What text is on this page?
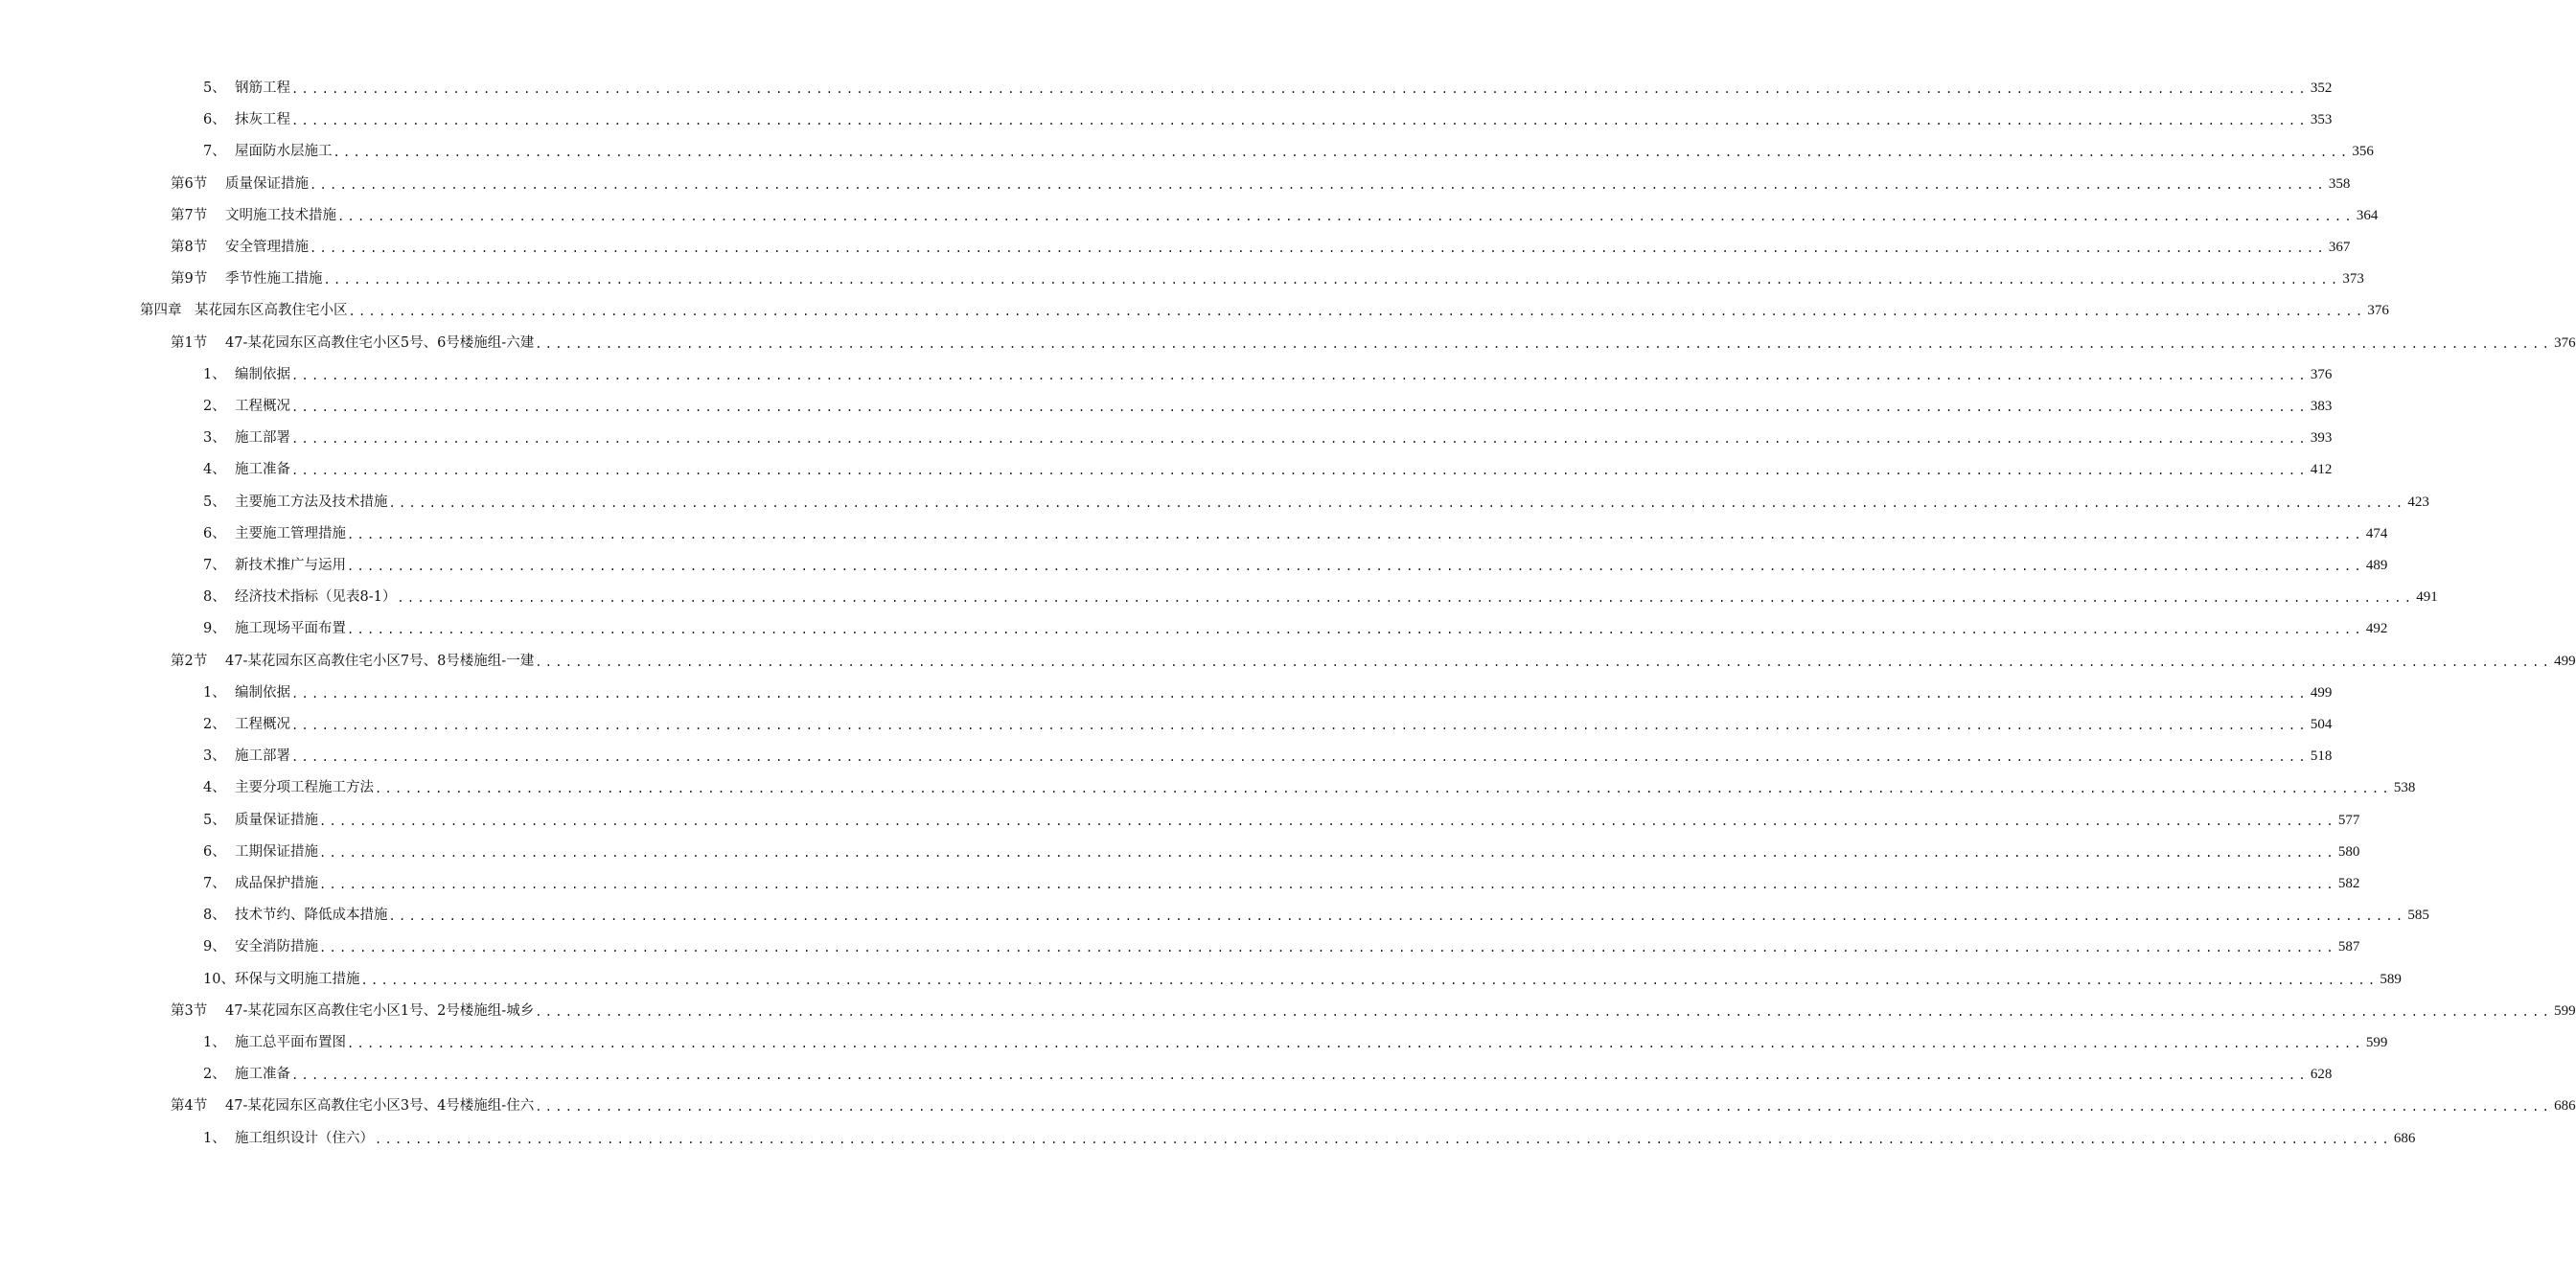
5、 钢筋工程 ........................................................................................................................................................................................................ 352
6、 抹灰工程 ........................................................................................................................................................................................................ 353
7、 屋面防水层施工 ........................................................................................................................................................................................................ 356
第6节 质量保证措施 ........................................................................................................................................................................................................ 358
第7节 文明施工技术措施 ........................................................................................................................................................................................................ 364
第8节 安全管理措施 ........................................................................................................................................................................................................ 367
第9节 季节性施工措施 ........................................................................................................................................................................................................ 373
第四章 某花园东区高教住宅小区 ........................................................................................................................................................................................................ 376
第1节 47-某花园东区高教住宅小区5号、6号楼施组-六建 ........................................................................................................................................................................................................ 376
1、 编制依据 ........................................................................................................................................................................................................ 376
2、 工程概况 ........................................................................................................................................................................................................ 383
3、 施工部署 ........................................................................................................................................................................................................ 393
4、 施工准备 ........................................................................................................................................................................................................ 412
5、 主要施工方法及技术措施 ........................................................................................................................................................................................................ 423
6、 主要施工管理措施 ........................................................................................................................................................................................................ 474
7、 新技术推广与运用 ........................................................................................................................................................................................................ 489
8、 经济技术指标（见表8-1） ........................................................................................................................................................................................................ 491
9、 施工现场平面布置 ........................................................................................................................................................................................................ 492
第2节 47-某花园东区高教住宅小区7号、8号楼施组-一建 ........................................................................................................................................................................................................ 499
1、 编制依据 ........................................................................................................................................................................................................ 499
2、 工程概况 ........................................................................................................................................................................................................ 504
3、 施工部署 ........................................................................................................................................................................................................ 518
4、 主要分项工程施工方法 ........................................................................................................................................................................................................ 538
5、 质量保证措施 ........................................................................................................................................................................................................ 577
6、 工期保证措施 ........................................................................................................................................................................................................ 580
7、 成品保护措施 ........................................................................................................................................................................................................ 582
8、 技术节约、降低成本措施 ........................................................................................................................................................................................................ 585
9、 安全消防措施 ........................................................................................................................................................................................................ 587
10、环保与文明施工措施 ........................................................................................................................................................................................................ 589
第3节 47-某花园东区高教住宅小区1号、2号楼施组-城乡 ........................................................................................................................................................................................................ 599
1、 施工总平面布置图 ........................................................................................................................................................................................................ 599
2、 施工准备 ........................................................................................................................................................................................................ 628
第4节 47-某花园东区高教住宅小区3号、4号楼施组-住六 ........................................................................................................................................................................................................ 686
1、 施工组织设计（住六） ........................................................................................................................................................................................................ 686
